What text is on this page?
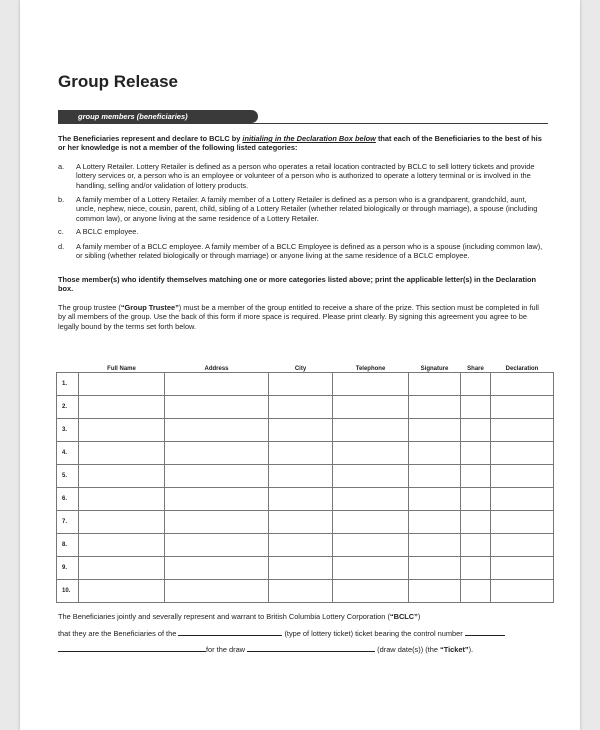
Group Release
group members (beneficiaries)
The Beneficiaries represent and declare to BCLC by initialing in the Declaration Box below that each of the Beneficiaries to the best of his or her knowledge is not a member of the following listed categories:
a. A Lottery Retailer. Lottery Retailer is defined as a person who operates a retail location contracted by BCLC to sell lottery tickets and provide lottery services or, a person who is an employee or volunteer of a person who is authorized to operate a lottery terminal or is involved in the handling, selling and/or validation of lottery products.
b. A family member of a Lottery Retailer. A family member of a Lottery Retailer is defined as a person who is a grandparent, grandchild, aunt, uncle, nephew, niece, cousin, parent, child, sibling of a Lottery Retailer (whether related biologically or through marriage), a spouse (including common law), or anyone living at the same residence of a Lottery Retailer.
c. A BCLC employee.
d. A family member of a BCLC employee. A family member of a BCLC Employee is defined as a person who is a spouse (including common law), or sibling (whether related biologically or through marriage) or anyone living at the same residence of a BCLC employee.
Those member(s) who identify themselves matching one or more categories listed above; print the applicable letter(s) in the Declaration box.
The group trustee (“Group Trustee”) must be a member of the group entitled to receive a share of the prize. This section must be completed in full by all members of the group. Use the back of this form if more space is required. Please print clearly. By signing this agreement you agree to be legally bound by the terms set forth below.
	Full Name	Address	City	Telephone	Signature	Share	Declaration
1.							
2.							
3.							
4.							
5.							
6.							
7.							
8.							
9.							
10.							
The Beneficiaries jointly and severally represent and warrant to British Columbia Lottery Corporation (“BCLC”)
that they are the Beneficiaries of the	(type of lottery ticket) ticket bearing the control number
for the draw	(draw date(s)) (the “Ticket”).
